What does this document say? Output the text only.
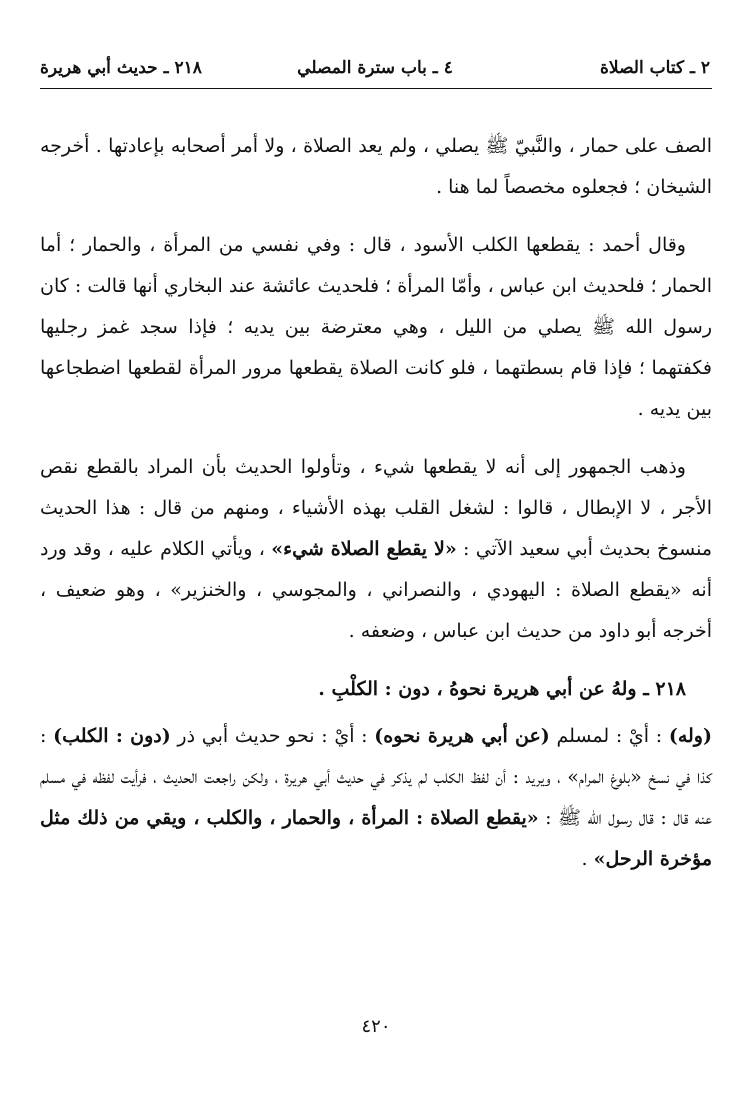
٢ ـ كتاب الصلاة
٤ ـ باب سترة المصلي
٢١٨ ـ حديث أبي هريرة

الصف على حمار ، والنَّبيّ ﷺ يصلي ، ولم يعد الصلاة ، ولا أمر أصحابه بإعادتها . أخرجه الشيخان ؛ فجعلوه مخصصاً لما هنا .

وقال أحمد : يقطعها الكلب الأسود ، قال : وفي نفسي من المرأة ، والحمار ؛ أما الحمار ؛ فلحديث ابن عباس ، وأمّا المرأة ؛ فلحديث عائشة عند البخاري أنها قالت : كان رسول الله ﷺ يصلي من الليل ، وهي معترضة بين يديه ؛ فإذا سجد غمز رجليها فكفتهما ؛ فإذا قام بسطتهما ، فلو كانت الصلاة يقطعها مرور المرأة لقطعها اضطجاعها بين يديه .

وذهب الجمهور إلى أنه لا يقطعها شيء ، وتأولوا الحديث بأن المراد بالقطع نقص الأجر ، لا الإبطال ، قالوا : لشغل القلب بهذه الأشياء ، ومنهم من قال : هذا الحديث منسوخ بحديث أبي سعيد الآتي : «لا يقطع الصلاة شيء» ، ويأتي الكلام عليه ، وقد ورد أنه «يقطع الصلاة : اليهودي ، والنصراني ، والمجوسي ، والخنزير» ، وهو ضعيف ، أخرجه أبو داود من حديث ابن عباس ، وضعفه .

٢١٨ ـ ولهُ عن أبي هريرة نحوهُ ، دون : الكلْبِ .

(وله) : أيْ : لمسلم (عن أبي هريرة نحوه) : أيْ : نحو حديث أبي ذر (دون : الكلب) : كذا في نسخ «بلوغ المرام» ، ويريد : أن لفظ الكلب لم يذكر في حديث أبي هريرة ، ولكن راجعت الحديث ، فرأيت لفظه في مسلم عنه قال : قال رسول الله ﷺ : «يقطع الصلاة : المرأة ، والحمار ، والكلب ، ويقي من ذلك مثل مؤخرة الرحل» .

٤٢٠
